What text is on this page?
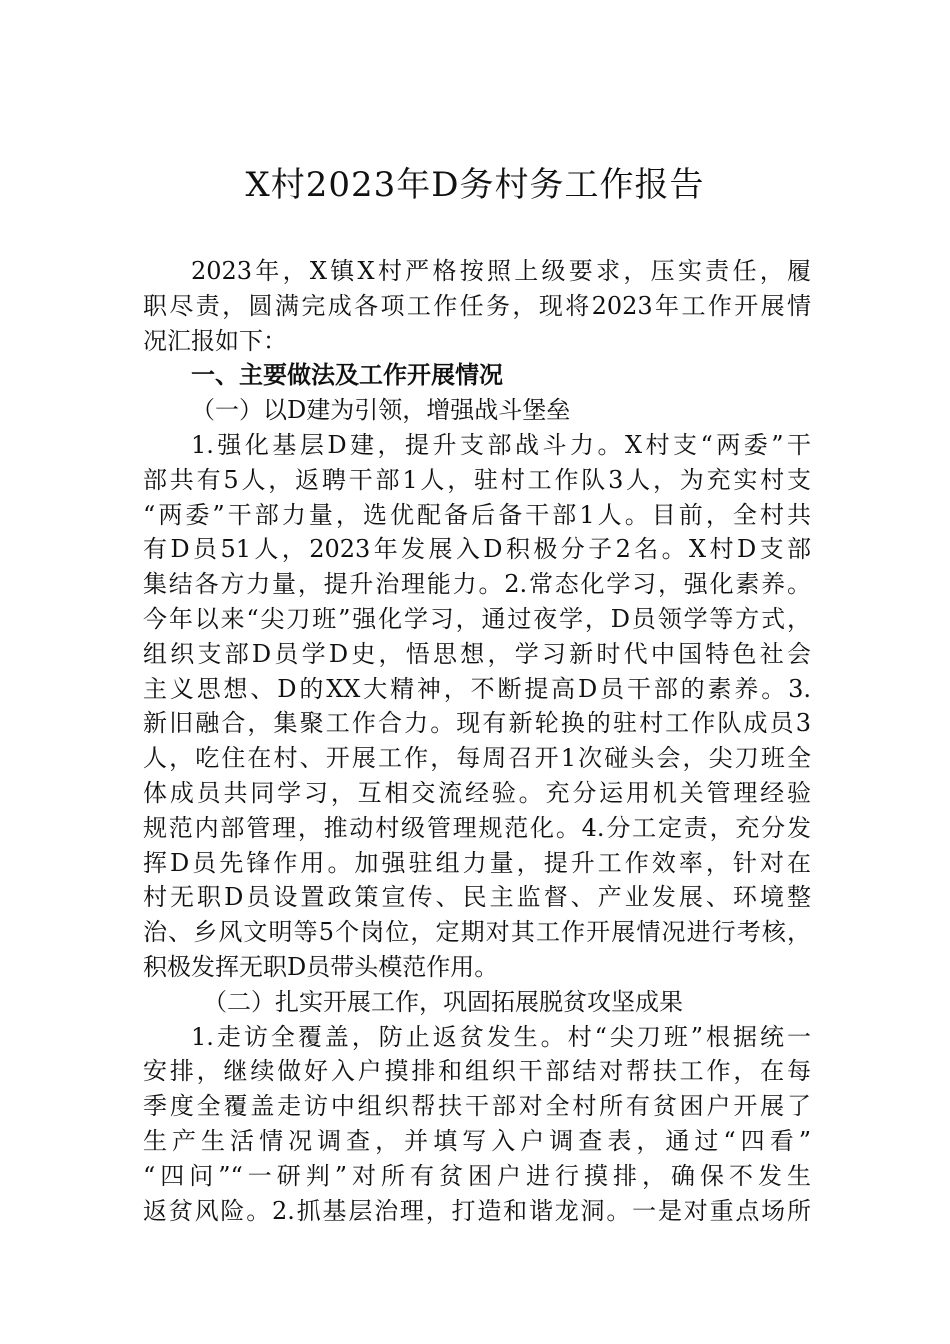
X村2023年D务村务工作报告
2023年，X镇X村严格按照上级要求，压实责任，履
职尽责，圆满完成各项工作任务，现将2023年工作开展情
况汇报如下：
一、主要做法及工作开展情况
（一）以D建为引领，增强战斗堡垒
1.强化基层D建，提升支部战斗力。X村支“两委”干
部共有5人，返聘干部1人，驻村工作队3人，为充实村支
“两委”干部力量，选优配备后备干部1人。目前，全村共
有D员51人，2023年发展入D积极分子2名。X村D支部
集结各方力量，提升治理能力。2.常态化学习，强化素养。
今年以来“尖刀班”强化学习，通过夜学，D员领学等方式，
组织支部D员学D史，悟思想，学习新时代中国特色社会
主义思想、D的XX大精神，不断提高D员干部的素养。3.
新旧融合，集聚工作合力。现有新轮换的驻村工作队成员3
人，吃住在村、开展工作，每周召开1次碰头会，尖刀班全
体成员共同学习，互相交流经验。充分运用机关管理经验
规范内部管理，推动村级管理规范化。4.分工定责，充分发
挥D员先锋作用。加强驻组力量，提升工作效率，针对在
村无职D员设置政策宣传、民主监督、产业发展、环境整
治、乡风文明等5个岗位，定期对其工作开展情况进行考核，
积极发挥无职D员带头模范作用。
（二）扎实开展工作，巩固拓展脱贫攻坚成果
1.走访全覆盖，防止返贫发生。村“尖刀班”根据统一
安排，继续做好入户摸排和组织干部结对帮扶工作，在每
季度全覆盖走访中组织帮扶干部对全村所有贫困户开展了
生产生活情况调查，并填写入户调查表，通过“四看”
“四问”“一研判”对所有贫困户进行摸排，确保不发生
返贫风险。2.抓基层治理，打造和谐龙洞。一是对重点场所
